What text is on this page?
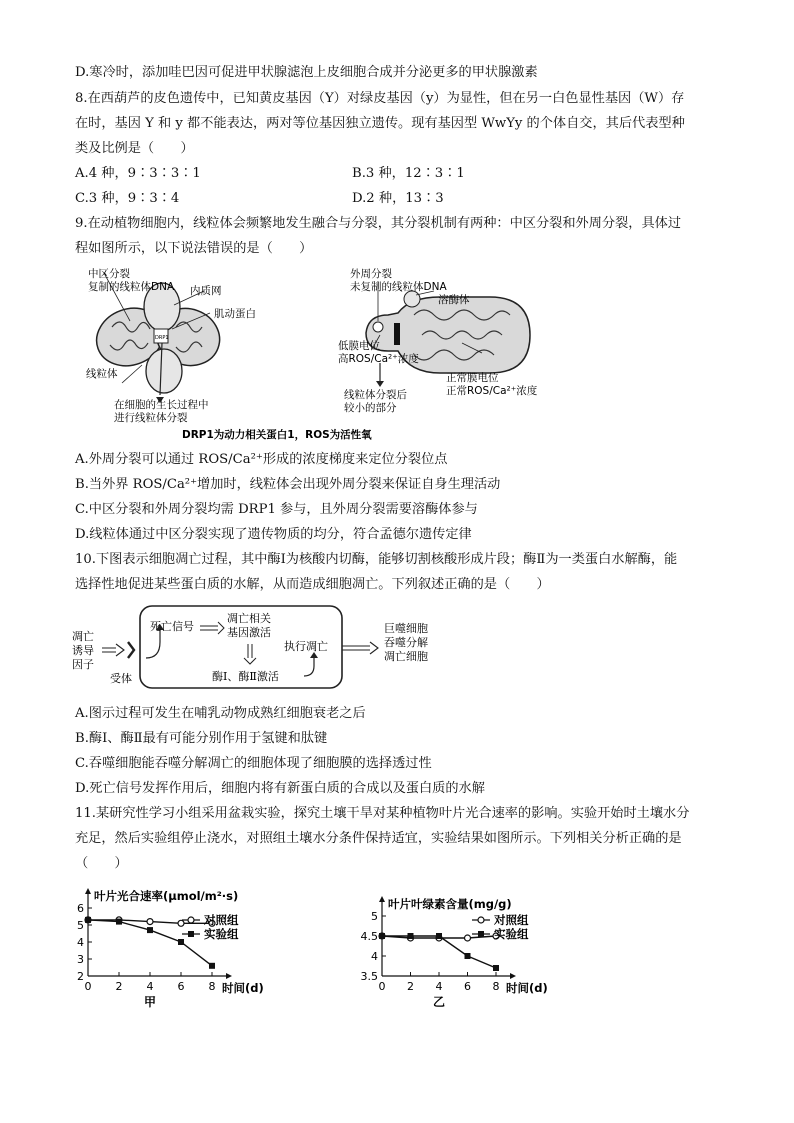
D.寒冷时，添加哇巴因可促进甲状腺滤泡上皮细胞合成并分泌更多的甲状腺激素
8.在西葫芦的皮色遗传中，已知黄皮基因（Y）对绿皮基因（y）为显性，但在另一白色显性基因（W）存
在时，基因 Y 和 y 都不能表达，两对等位基因独立遗传。现有基因型 WwYy 的个体自交，其后代表型种
类及比例是（　　）
A.4 种，9∶3∶3∶1	B.3 种，12∶3∶1
C.3 种，9∶3∶4	D.2 种，13∶3
9.在动植物细胞内，线粒体会频繁地发生融合与分裂，其分裂机制有两种：中区分裂和外周分裂，具体过
程如图所示，以下说法错误的是（　　）
DRP1
中区分裂
复制的线粒体DNA 内质网
肌动蛋白
线粒体
在细胞的生长过程中
进行线粒体分裂
外周分裂
未复制的线粒体DNA
溶酶体
低膜电位
高ROS/Ca²⁺浓度
正常膜电位
正常ROS/Ca²⁺浓度
线粒体分裂后
较小的部分
DRP1为动力相关蛋白1，ROS为活性氧
A.外周分裂可以通过 ROS/Ca²⁺形成的浓度梯度来定位分裂位点
B.当外界 ROS/Ca²⁺增加时，线粒体会出现外周分裂来保证自身生理活动
C.中区分裂和外周分裂均需 DRP1 参与，且外周分裂需要溶酶体参与
D.线粒体通过中区分裂实现了遗传物质的均分，符合孟德尔遗传定律
10.下图表示细胞凋亡过程，其中酶Ⅰ为核酸内切酶，能够切割核酸形成片段；酶Ⅱ为一类蛋白水解酶，能
选择性地促进某些蛋白质的水解，从而造成细胞凋亡。下列叙述正确的是（　　）
凋亡
诱导
因子
受体
死亡信号
凋亡相关
基因激活
酶Ⅰ、酶Ⅱ激活
执行凋亡
巨噬细胞
吞噬分解
凋亡细胞
A.图示过程可发生在哺乳动物成熟红细胞衰老之后
B.酶Ⅰ、酶Ⅱ最有可能分别作用于氢键和肽键
C.吞噬细胞能吞噬分解凋亡的细胞体现了细胞膜的选择透过性
D.死亡信号发挥作用后，细胞内将有新蛋白质的合成以及蛋白质的水解
11.某研究性学习小组采用盆栽实验，探究土壤干旱对某种植物叶片光合速率的影响。实验开始时土壤水分
充足，然后实验组停止浇水，对照组土壤水分条件保持适宜，实验结果如图所示。下列相关分析正确的是
（　　）
2
3
4
5
6
0 2 4 6 8
叶片光合速率(μmol/m²·s)
时间(d)
甲
对照组
实验组
3.5
4
4.5
5
0 2 4 6 8
叶片叶绿素含量(mg/g)
时间(d)
乙
对照组
实验组
